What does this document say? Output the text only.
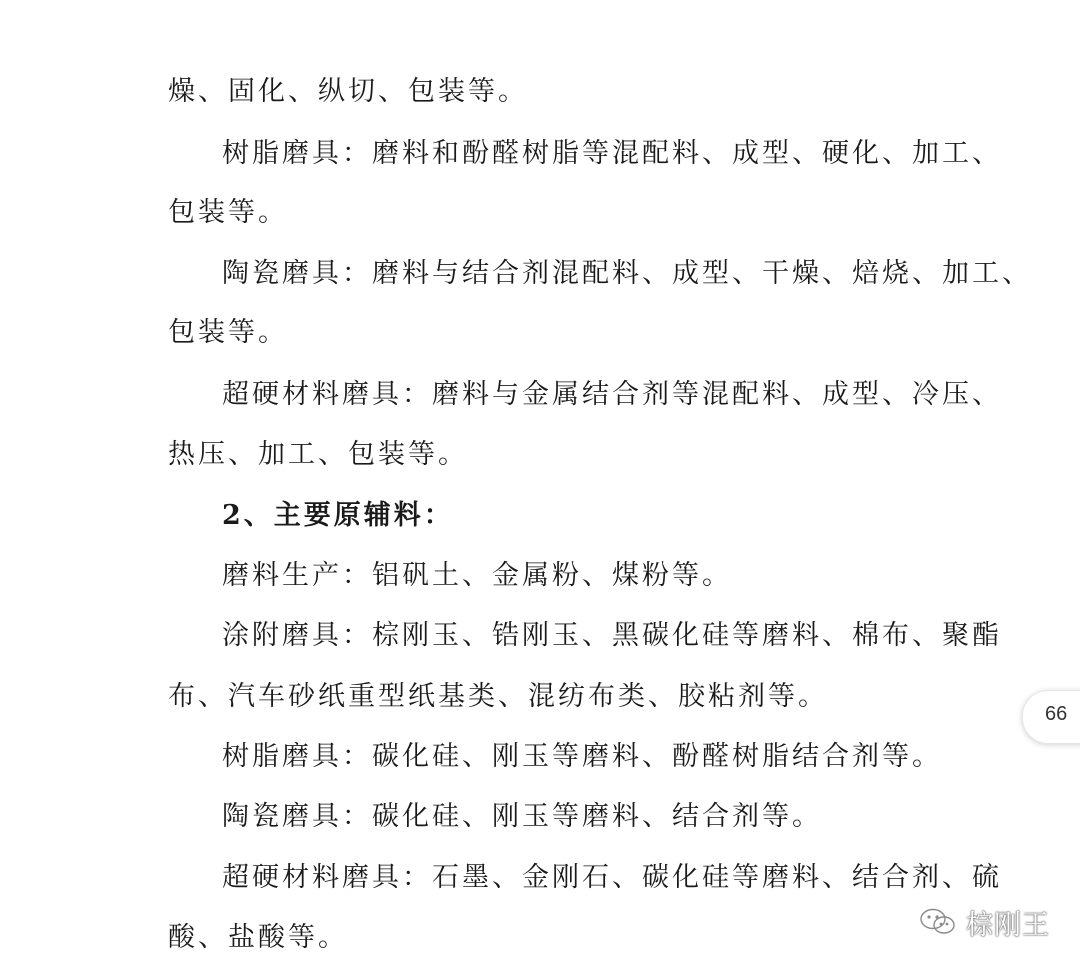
燥、固化、纵切、包装等。
树脂磨具：磨料和酚醛树脂等混配料、成型、硬化、加工、
包装等。
陶瓷磨具：磨料与结合剂混配料、成型、干燥、焙烧、加工、
包装等。
超硬材料磨具：磨料与金属结合剂等混配料、成型、冷压、
热压、加工、包装等。
2、主要原辅料：
磨料生产：铝矾土、金属粉、煤粉等。
涂附磨具：棕刚玉、锆刚玉、黑碳化硅等磨料、棉布、聚酯
布、汽车砂纸重型纸基类、混纺布类、胶粘剂等。
树脂磨具：碳化硅、刚玉等磨料、酚醛树脂结合剂等。
陶瓷磨具：碳化硅、刚玉等磨料、结合剂等。
超硬材料磨具：石墨、金刚石、碳化硅等磨料、结合剂、硫
酸、盐酸等。
66
棕刚王
